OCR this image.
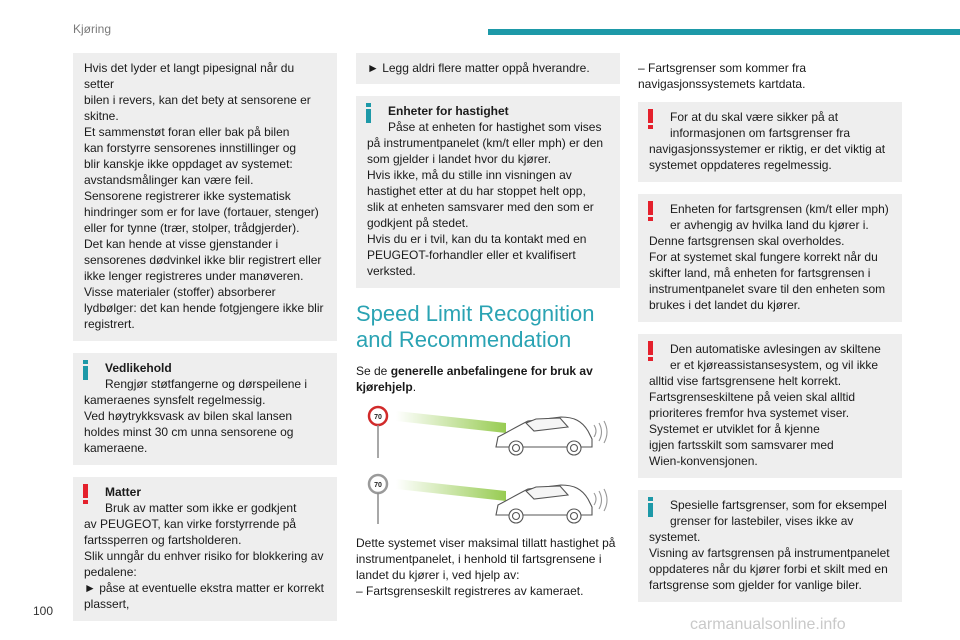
Kjøring
Hvis det lyder et langt pipesignal når du setter
bilen i revers, kan det bety at sensorene er
skitne.
Et sammenstøt foran eller bak på bilen
kan forstyrre sensorenes innstillinger og
blir kanskje ikke oppdaget av systemet:
avstandsmålinger kan være feil.
Sensorene registrerer ikke systematisk
hindringer som er for lave (fortauer, stenger)
eller for tynne (trær, stolper, trådgjerder).
Det kan hende at visse gjenstander i
sensorenes dødvinkel ikke blir registrert eller
ikke lenger registreres under manøveren.
Visse materialer (stoffer) absorberer
lydbølger: det kan hende fotgjengere ikke blir
registrert.
Vedlikehold
Rengjør støtfangerne og dørspeilene i
kameraenes synsfelt regelmessig.
Ved høytrykksvask av bilen skal lansen
holdes minst 30 cm unna sensorene og
kameraene.
Matter
Bruk av matter som ikke er godkjent
av PEUGEOT, kan virke forstyrrende på
fartssperren og fartsholderen.
Slik unngår du enhver risiko for blokkering av
pedalene:
► påse at eventuelle ekstra matter er korrekt
plassert,
► Legg aldri flere matter oppå hverandre.
Enheter for hastighet
Påse at enheten for hastighet som vises
på instrumentpanelet (km/t eller mph) er den
som gjelder i landet hvor du kjører.
Hvis ikke, må du stille inn visningen av
hastighet etter at du har stoppet helt opp,
slik at enheten samsvarer med den som er
godkjent på stedet.
Hvis du er i tvil, kan du ta kontakt med en
PEUGEOT-forhandler eller et kvalifisert
verksted.
Speed Limit Recognition
and Recommendation

Se de generelle anbefalingene for bruk av kjørehjelp.

70
70
Dette systemet viser maksimal tillatt hastighet på
instrumentpanelet, i henhold til fartsgrensene i
landet du kjører i, ved hjelp av:
– Fartsgrenseskilt registreres av kameraet.
– Fartsgrenser som kommer fra
navigasjonssystemets kartdata.
For at du skal være sikker på at
informasjonen om fartsgrenser fra
navigasjonssystemer er riktig, er det viktig at
systemet oppdateres regelmessig.
Enheten for fartsgrensen (km/t eller mph)
er avhengig av hvilka land du kjører i.
Denne fartsgrensen skal overholdes.
For at systemet skal fungere korrekt når du
skifter land, må enheten for fartsgrensen i
instrumentpanelet svare til den enheten som
brukes i det landet du kjører.
Den automatiske avlesingen av skiltene
er et kjøreassistansesystem, og vil ikke
alltid vise fartsgrensene helt korrekt.
Fartsgrenseskiltene på veien skal alltid
prioriteres fremfor hva systemet viser.
Systemet er utviklet for å kjenne
igjen fartsskilt som samsvarer med
Wien-konvensjonen.
Spesielle fartsgrenser, som for eksempel
grenser for lastebiler, vises ikke av
systemet.
Visning av fartsgrensen på instrumentpanelet
oppdateres når du kjører forbi et skilt med en
fartsgrense som gjelder for vanlige biler.
100
carmanualsonline.info
